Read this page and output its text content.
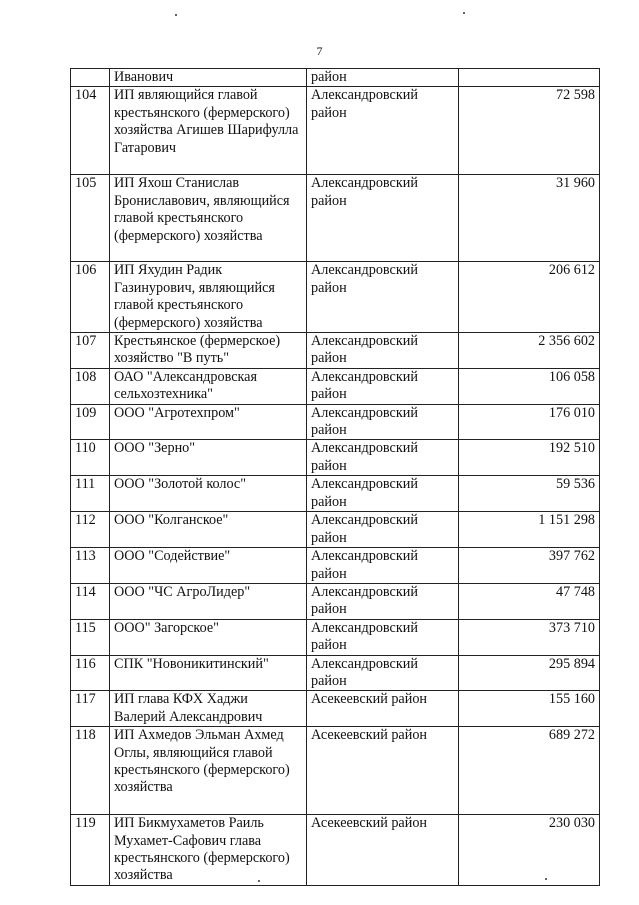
7
	Иванович	район	
104	ИП являющийся главой крестьянского (фермерского) хозяйства Агишев Шарифулла Гатарович	Александровский район	72 598
105	ИП Яхош Станислав Брониславович, являющийся главой крестьянского (фермерского) хозяйства	Александровский район	31 960
106	ИП Яхудин Радик Газинурович, являющийся главой крестьянского (фермерского) хозяйства	Александровский район	206 612
107	Крестьянское (фермерское) хозяйство "В путь"	Александровский район	2 356 602
108	ОАО "Александровская сельхозтехника"	Александровский район	106 058
109	ООО "Агротехпром"	Александровский район	176 010
110	ООО "Зерно"	Александровский район	192 510
111	ООО "Золотой колос"	Александровский район	59 536
112	ООО "Колганское"	Александровский район	1 151 298
113	ООО "Содействие"	Александровский район	397 762
114	ООО "ЧС АгроЛидер"	Александровский район	47 748
115	ООО" Загорское"	Александровский район	373 710
116	СПК "Новоникитинский"	Александровский район	295 894
117	ИП глава КФХ Хаджи Валерий Александрович	Асекеевский район	155 160
118	ИП Ахмедов Эльман Ахмед Оглы, являющийся главой крестьянского (фермерского) хозяйства	Асекеевский район	689 272
119	ИП Бикмухаметов Раиль Мухамет-Сафович глава крестьянского (фермерского) хозяйства	Асекеевский район	230 030
